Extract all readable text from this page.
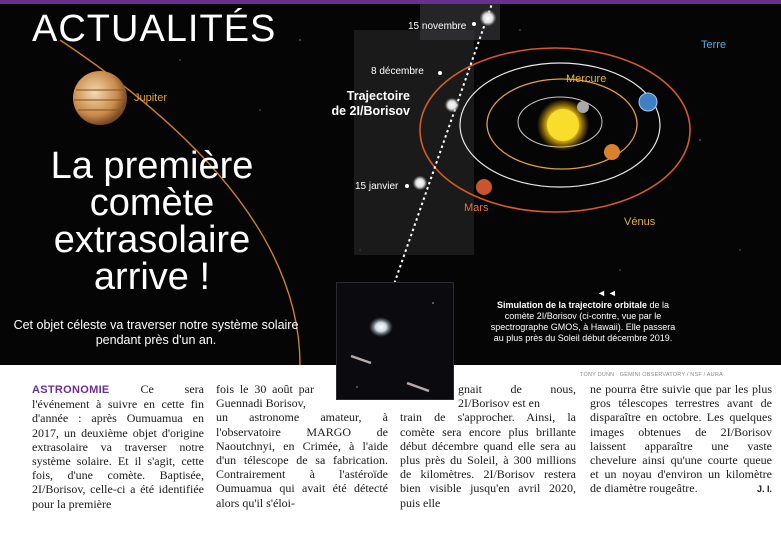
ACTUALITÉS
La première
comète
extrasolaire
arrive !
Cet objet céleste va traverser notre système solaire pendant près d'un an.
15 novembre
8 décembre
15 janvier
Trajectoire
de 2I/Borisov
Jupiter
Mercure
Terre
Mars
Vénus
◄◄
Simulation de la trajectoire orbitale de la comète 2I/Borisov (ci-contre, vue par le spectrographe GMOS, à Hawaii). Elle passera au plus près du Soleil début décembre 2019.
TONY DUNN · GEMINI OBSERVATORY / NSF / AURA
ASTRONOMIE Ce sera l'événement à suivre en cette fin d'année : après Oumuamua en 2017, un deuxième objet d'origine extrasolaire va traverser notre système solaire. Et il s'agit, cette fois, d'une comète. Baptisée, 2I/Borisov, celle-ci a été identifiée pour la première
fois le 30 août par Guennadi Borisov,
un astronome amateur, à l'observatoire MARGO de Naoutchnyi, en Crimée, à l'aide d'un télescope de sa fabrication. Contrairement à l'astéroïde Oumuamua qui avait été détecté alors qu'il s'éloi-
gnait de nous, 2I/Borisov est en
train de s'approcher. Ainsi, la comète sera encore plus brillante début décembre quand elle sera au plus près du Soleil, à 300 millions de kilomètres. 2I/Borisov restera bien visible jusqu'en avril 2020, puis elle
ne pourra être suivie que par les plus gros télescopes terrestres avant de disparaître en octobre. Les quelques images obtenues de 2I/Borisov laissent apparaître une vaste chevelure ainsi qu'une courte queue et un noyau d'environ un kilomètre de diamètre rougeâtre.	J. I.
